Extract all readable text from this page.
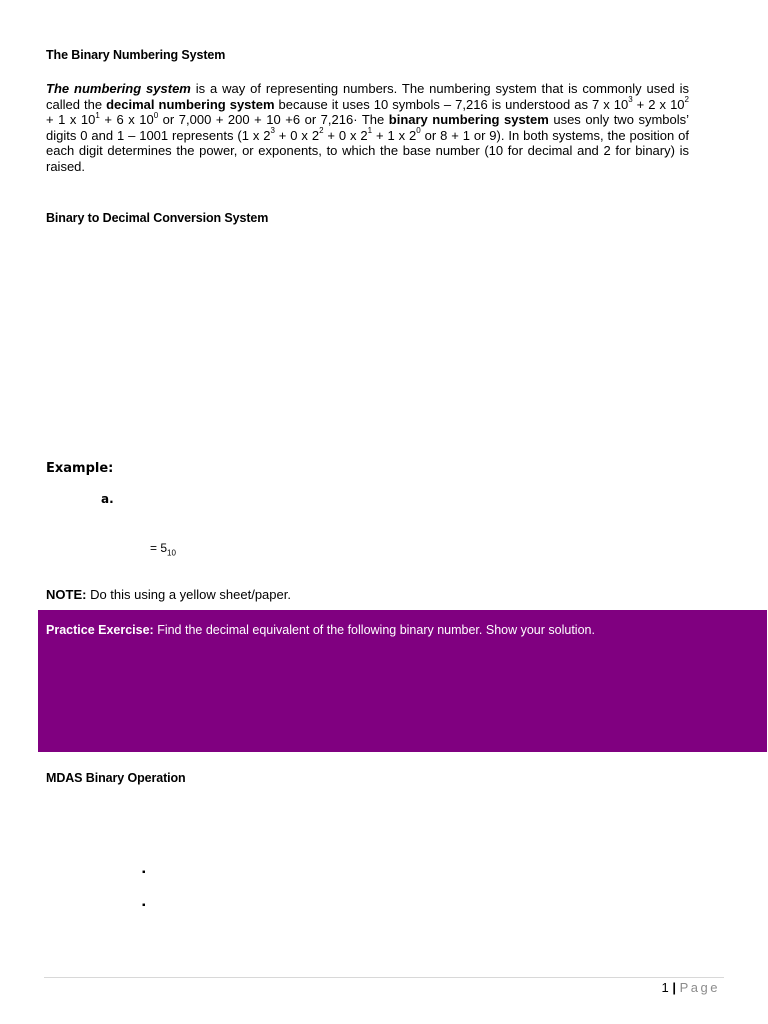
The Binary Numbering System
The numbering system is a way of representing numbers. The numbering system that is commonly used is called the decimal numbering system because it uses 10 symbols – 7,216 is understood as 7 x $10^3 + 2$ x $10^2 + 1$ x $10^1 + 6$ x $10^0$ or 7,000 + 200 + 10 +6 or 7,216· The binary numbering system uses only two symbols’ digits 0 and 1 – 1001 represents (1 x $2^3 + 0$ x $2^2 + 0$ x $2^1 + 1$ x $2^0$ or 8 + 1 or 9). In both systems, the position of each digit determines the power, or exponents, to which the base number (10 for decimal and 2 for binary) is raised.
Binary to Decimal Conversion System
Example:
a.
= $5_{10}$
NOTE: Do this using a yellow sheet/paper.
Practice Exercise: Find the decimal equivalent of the following binary number. Show your solution.
MDAS Binary Operation
▪
▪
1 | Page
